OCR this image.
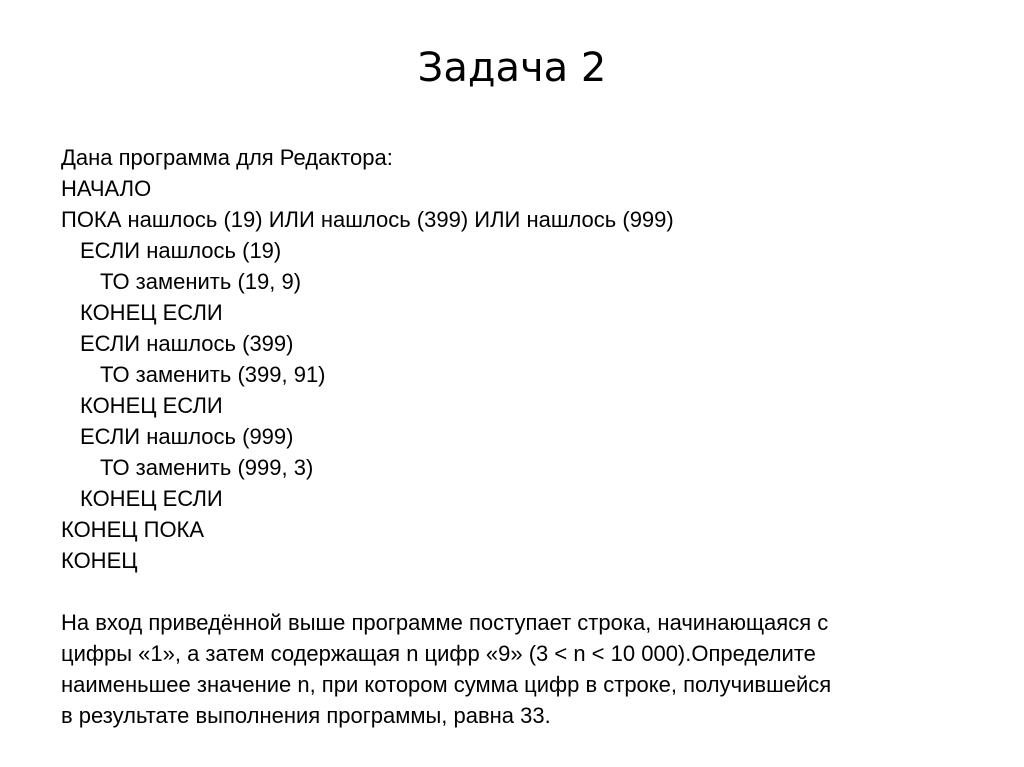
Задача 2
Дана программа для Редактора:
НАЧАЛО
ПОКА нашлось (19) ИЛИ нашлось (399) ИЛИ нашлось (999)
ЕСЛИ нашлось (19)
ТО заменить (19, 9)
КОНЕЦ ЕСЛИ
ЕСЛИ нашлось (399)
ТО заменить (399, 91)
КОНЕЦ ЕСЛИ
ЕСЛИ нашлось (999)
ТО заменить (999, 3)
КОНЕЦ ЕСЛИ
КОНЕЦ ПОКА
КОНЕЦ
На вход приведённой выше программе поступает строка, начинающаяся с
цифры «1», а затем содержащая n цифр «9» (3 < n < 10 000).Определите
наименьшее значение n, при котором сумма цифр в строке, получившейся
в результате выполнения программы, равна 33.
